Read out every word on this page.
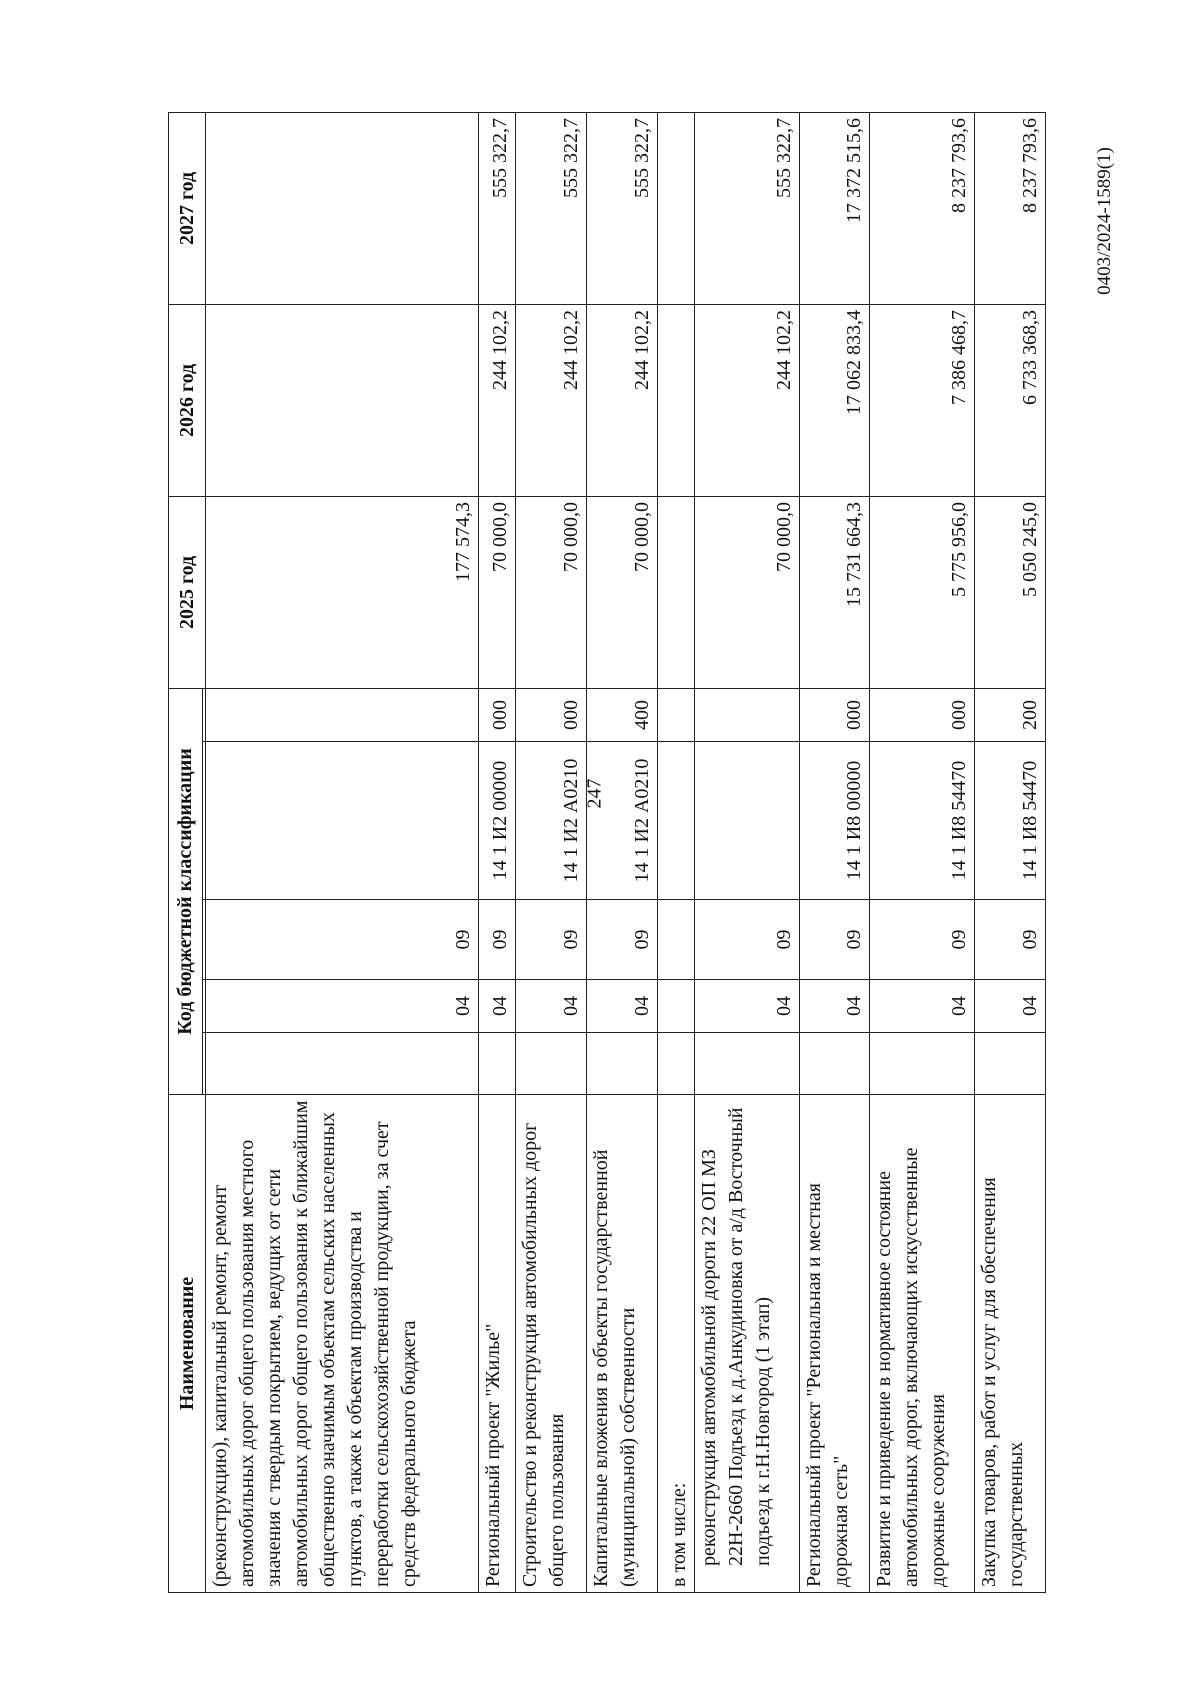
247
0403/2024-1589(1)
Наименование	Код бюджетной классификации					2025 год	2026 год	2027 год

(реконструкцию), капитальный ремонт, ремонт автомобильных дорог общего пользования местного значения с твердым покрытием, ведущих от сети автомобильных дорог общего пользования к ближайшим общественно значимым объектам сельских населенных пунктов, а также к объектам производства и переработки сельскохозяйственной продукции, за счет средств федерального бюджета		04	09			177 574,3		
Региональный проект "Жилье"		04	09	14 1 И2 00000	000	70 000,0	244 102,2	555 322,7
Строительство и реконструкция автомобильных дорог общего пользования		04	09	14 1 И2 А0210	000	70 000,0	244 102,2	555 322,7
Капитальные вложения в объекты государственной (муниципальной) собственности		04	09	14 1 И2 А0210	400	70 000,0	244 102,2	555 322,7
в том числе:								
реконструкция автомобильной дороги 22 ОП МЗ 22Н-2660 Подъезд к д.Анкудиновка от а/д Восточный подъезд к г.Н.Новгород (1 этап)		04	09			70 000,0	244 102,2	555 322,7
Региональный проект "Региональная и местная дорожная сеть"		04	09	14 1 И8 00000	000	15 731 664,3	17 062 833,4	17 372 515,6
Развитие и приведение в нормативное состояние автомобильных дорог, включающих искусственные дорожные сооружения		04	09	14 1 И8 54470	000	5 775 956,0	7 386 468,7	8 237 793,6
Закупка товаров, работ и услуг для обеспечения государственных		04	09	14 1 И8 54470	200	5 050 245,0	6 733 368,3	8 237 793,6
